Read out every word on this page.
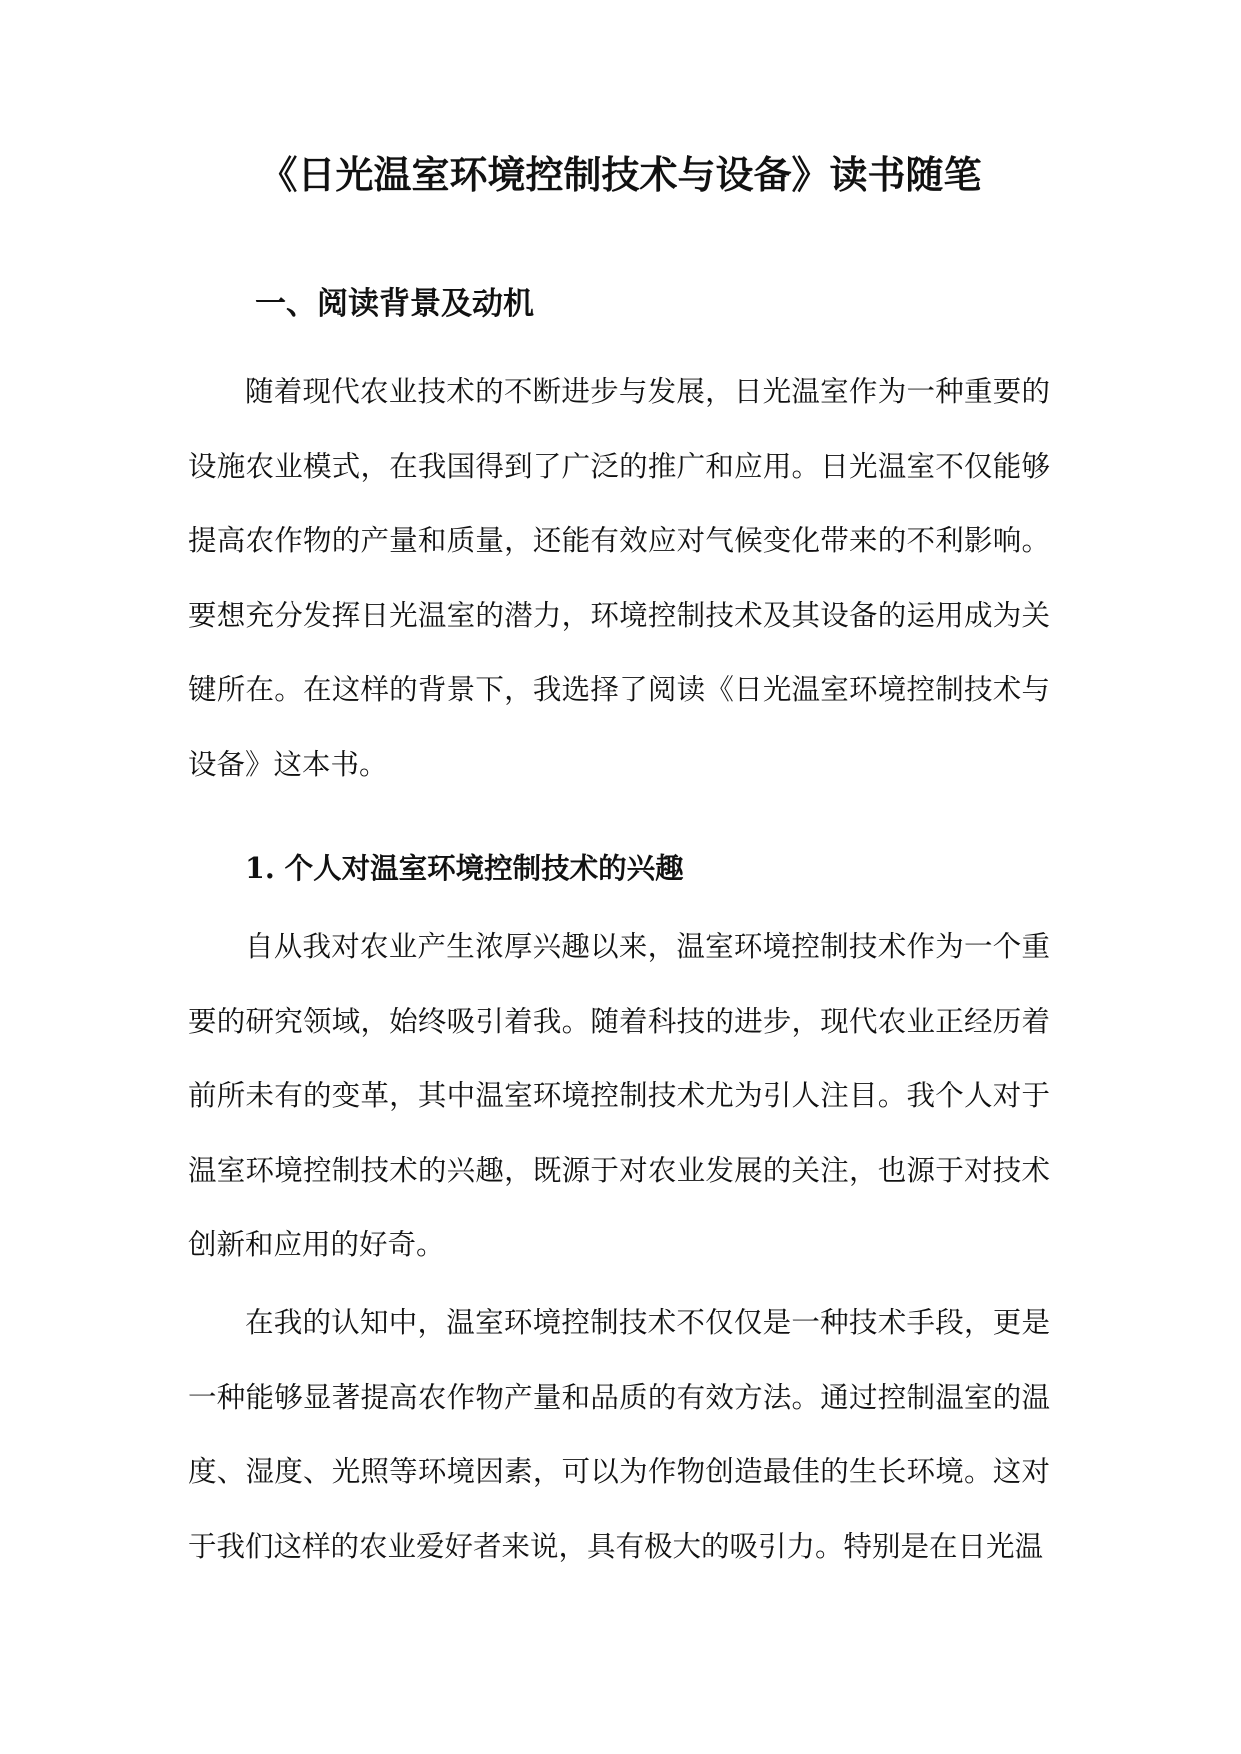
《日光温室环境控制技术与设备》读书随笔
一、阅读背景及动机

随着现代农业技术的不断进步与发展，日光温室作为一种重要的设施农业模式，在我国得到了广泛的推广和应用。日光温室不仅能够提高农作物的产量和质量，还能有效应对气候变化带来的不利影响。要想充分发挥日光温室的潜力，环境控制技术及其设备的运用成为关键所在。在这样的背景下，我选择了阅读《日光温室环境控制技术与设备》这本书。

1. 个人对温室环境控制技术的兴趣

自从我对农业产生浓厚兴趣以来，温室环境控制技术作为一个重要的研究领域，始终吸引着我。随着科技的进步，现代农业正经历着前所未有的变革，其中温室环境控制技术尤为引人注目。我个人对于温室环境控制技术的兴趣，既源于对农业发展的关注，也源于对技术创新和应用的好奇。

在我的认知中，温室环境控制技术不仅仅是一种技术手段，更是一种能够显著提高农作物产量和品质的有效方法。通过控制温室的温度、湿度、光照等环境因素，可以为作物创造最佳的生长环境。这对于我们这样的农业爱好者来说，具有极大的吸引力。特别是在日光温
